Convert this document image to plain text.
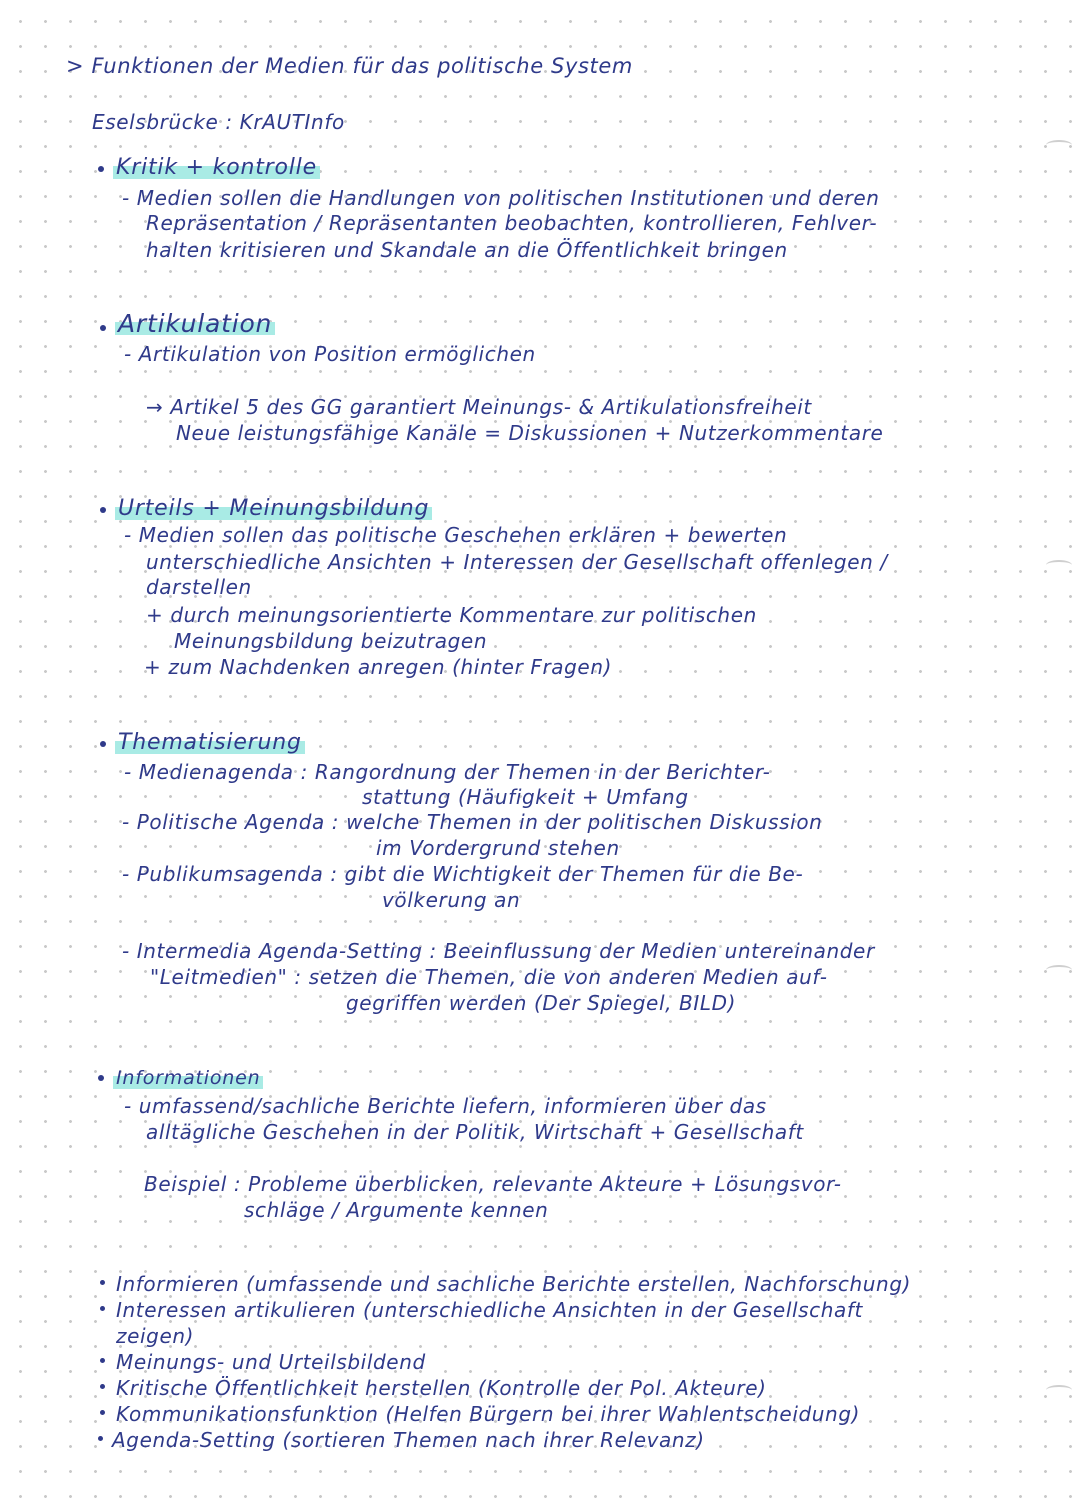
> Funktionen der Medien für das politische System
Eselsbrücke : KrAUTInfo
Kritik + kontrolle
- Medien sollen die Handlungen von politischen Institutionen und deren
Repräsentation / Repräsentanten beobachten, kontrollieren, Fehlver-
halten kritisieren und Skandale an die Öffentlichkeit bringen
Artikulation
- Artikulation von Position ermöglichen
→ Artikel 5 des GG garantiert Meinungs- & Artikulationsfreiheit
Neue leistungsfähige Kanäle = Diskussionen + Nutzerkommentare
Urteils + Meinungsbildung
- Medien sollen das politische Geschehen erklären + bewerten
unterschiedliche Ansichten + Interessen der Gesellschaft offenlegen /
darstellen
+ durch meinungsorientierte Kommentare zur politischen
Meinungsbildung beizutragen
+ zum Nachdenken anregen (hinter Fragen)
Thematisierung
- Medienagenda : Rangordnung der Themen in der Berichter-
stattung (Häufigkeit + Umfang
- Politische Agenda : welche Themen in der politischen Diskussion
im Vordergrund stehen
- Publikumsagenda : gibt die Wichtigkeit der Themen für die Be-
völkerung an
- Intermedia Agenda-Setting : Beeinflussung der Medien untereinander
"Leitmedien" : setzen die Themen, die von anderen Medien auf-
gegriffen werden (Der Spiegel, BILD)
Informationen
- umfassend/sachliche Berichte liefern, informieren über das
alltägliche Geschehen in der Politik, Wirtschaft + Gesellschaft
Beispiel : Probleme überblicken, relevante Akteure + Lösungsvor-
schläge / Argumente kennen
Informieren (umfassende und sachliche Berichte erstellen, Nachforschung)
Interessen artikulieren (unterschiedliche Ansichten in der Gesellschaft
zeigen)
Meinungs- und Urteilsbildend
Kritische Öffentlichkeit herstellen (Kontrolle der Pol. Akteure)
Kommunikationsfunktion (Helfen Bürgern bei ihrer Wahlentscheidung)
Agenda-Setting (sortieren Themen nach ihrer Relevanz)
